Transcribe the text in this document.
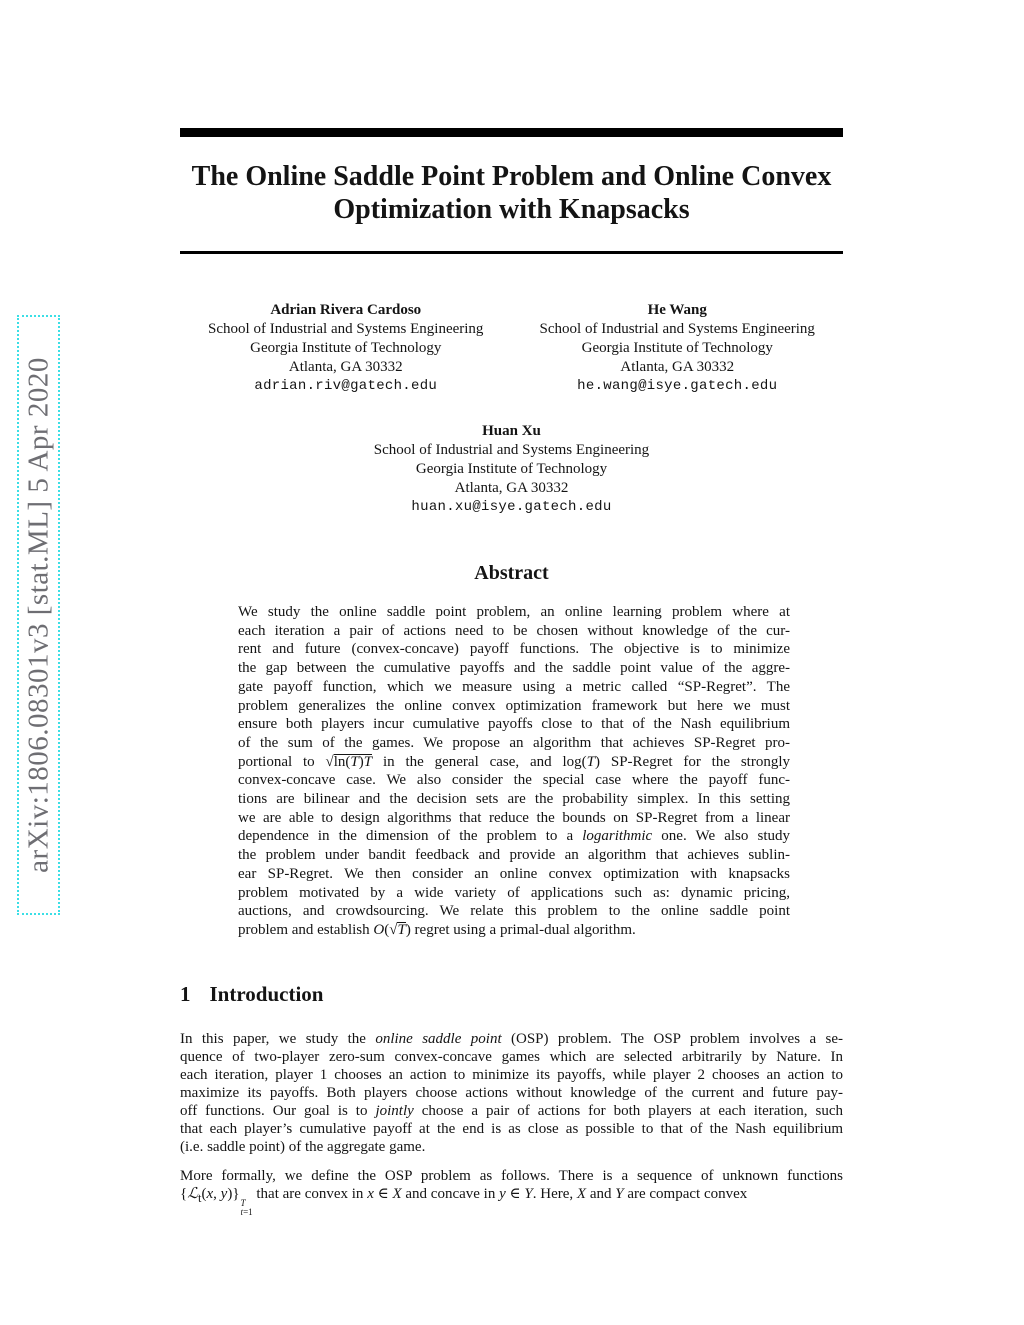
arXiv:1806.08301v3 [stat.ML] 5 Apr 2020
The Online Saddle Point Problem and Online Convex
Optimization with Knapsacks
Adrian Rivera Cardoso
School of Industrial and Systems Engineering
Georgia Institute of Technology
Atlanta, GA 30332
adrian.riv@gatech.edu
He Wang
School of Industrial and Systems Engineering
Georgia Institute of Technology
Atlanta, GA 30332
he.wang@isye.gatech.edu
Huan Xu
School of Industrial and Systems Engineering
Georgia Institute of Technology
Atlanta, GA 30332
huan.xu@isye.gatech.edu
Abstract
We study the online saddle point problem, an online learning problem where at
each iteration a pair of actions need to be chosen without knowledge of the cur-
rent and future (convex-concave) payoff functions. The objective is to minimize
the gap between the cumulative payoffs and the saddle point value of the aggre-
gate payoff function, which we measure using a metric called “SP-Regret”. The
problem generalizes the online convex optimization framework but here we must
ensure both players incur cumulative payoffs close to that of the Nash equilibrium
of the sum of the games. We propose an algorithm that achieves SP-Regret pro-
portional to √ln(T)T in the general case, and log(T) SP-Regret for the strongly
convex-concave case. We also consider the special case where the payoff func-
tions are bilinear and the decision sets are the probability simplex. In this setting
we are able to design algorithms that reduce the bounds on SP-Regret from a linear
dependence in the dimension of the problem to a logarithmic one. We also study
the problem under bandit feedback and provide an algorithm that achieves sublin-
ear SP-Regret. We then consider an online convex optimization with knapsacks
problem motivated by a wide variety of applications such as: dynamic pricing,
auctions, and crowdsourcing. We relate this problem to the online saddle point
problem and establish O(√T) regret using a primal-dual algorithm.
1 Introduction
In this paper, we study the online saddle point (OSP) problem. The OSP problem involves a se-
quence of two-player zero-sum convex-concave games which are selected arbitrarily by Nature. In
each iteration, player 1 chooses an action to minimize its payoffs, while player 2 chooses an action to
maximize its payoffs. Both players choose actions without knowledge of the current and future pay-
off functions. Our goal is to jointly choose a pair of actions for both players at each iteration, such
that each player’s cumulative payoff at the end is as close as possible to that of the Nash equilibrium
(i.e. saddle point) of the aggregate game.
More formally, we define the OSP problem as follows. There is a sequence of unknown functions
{ℒ$_t$(x, y)}
T
t=1
that are convex in x ∈ X and concave in y ∈ Y. Here, X and Y are compact convex
